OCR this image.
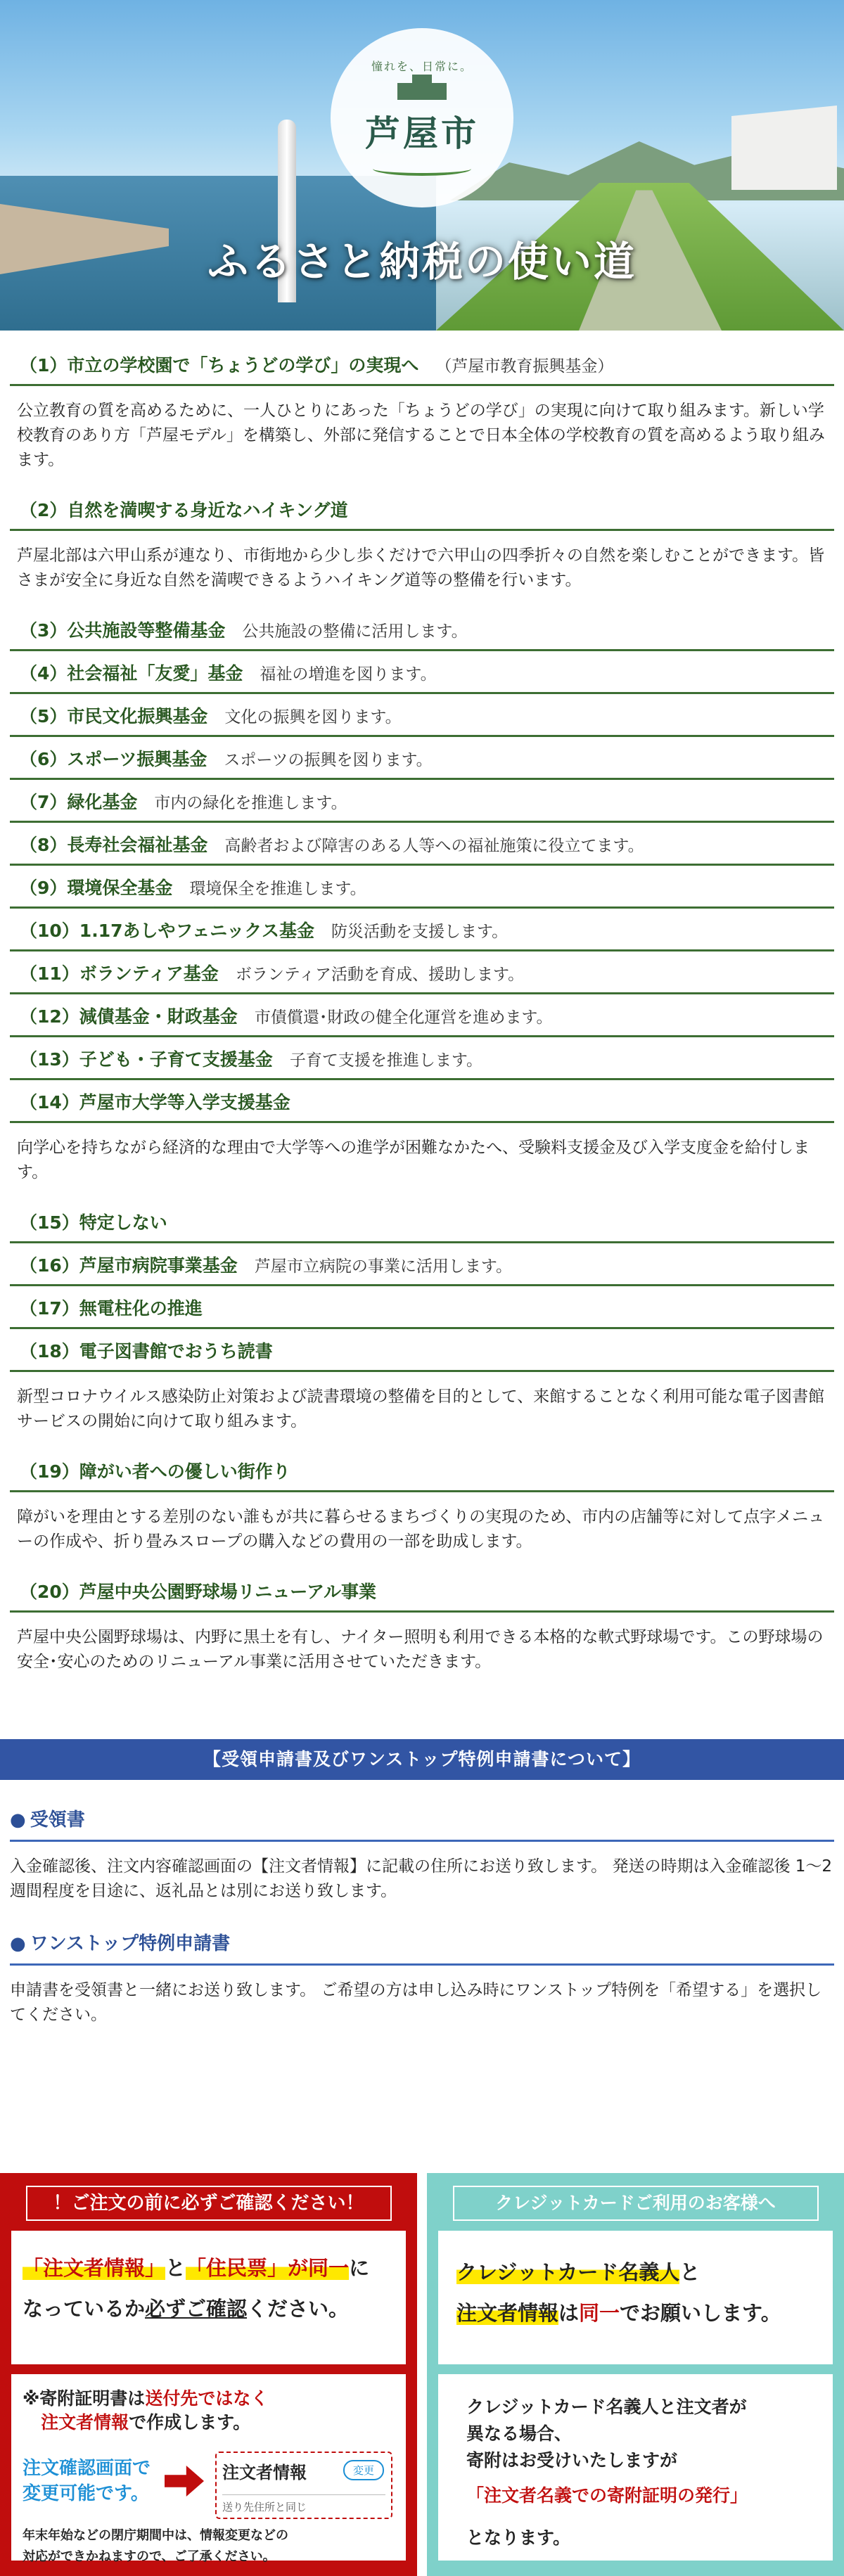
憧れを、日常に。
芦屋市
ふるさと納税の使い道
（1）市立の学校園で「ちょうどの学び」の実現へ （芦屋市教育振興基金）
公立教育の質を高めるために、一人ひとりにあった「ちょうどの学び」の実現に向けて取り組みます。新しい学校教育のあり方「芦屋モデル」を構築し、外部に発信することで日本全体の学校教育の質を高めるよう取り組みます。
（2）自然を満喫する身近なハイキング道
芦屋北部は六甲山系が連なり、市街地から少し歩くだけで六甲山の四季折々の自然を楽しむことができます。皆さまが安全に身近な自然を満喫できるようハイキング道等の整備を行います。
（3）公共施設等整備基金 公共施設の整備に活用します。
（4）社会福祉「友愛」基金 福祉の増進を図ります。
（5）市民文化振興基金 文化の振興を図ります。
（6）スポーツ振興基金 スポーツの振興を図ります。
（7）緑化基金 市内の緑化を推進します。
（8）長寿社会福祉基金 高齢者および障害のある人等への福祉施策に役立てます。
（9）環境保全基金 環境保全を推進します。
（10）1.17あしやフェニックス基金 防災活動を支援します。
（11）ボランティア基金 ボランティア活動を育成、援助します。
（12）減債基金・財政基金 市債償還･財政の健全化運営を進めます。
（13）子ども・子育て支援基金 子育て支援を推進します。
（14）芦屋市大学等入学支援基金
向学心を持ちながら経済的な理由で大学等への進学が困難なかたへ、受験料支援金及び入学支度金を給付します。
（15）特定しない
（16）芦屋市病院事業基金 芦屋市立病院の事業に活用します。
（17）無電柱化の推進
（18）電子図書館でおうち読書
新型コロナウイルス感染防止対策および読書環境の整備を目的として、来館することなく利用可能な電子図書館サービスの開始に向けて取り組みます。
（19）障がい者への優しい街作り
障がいを理由とする差別のない誰もが共に暮らせるまちづくりの実現のため、市内の店舗等に対して点字メニューの作成や、折り畳みスロープの購入などの費用の一部を助成します。
（20）芦屋中央公園野球場リニューアル事業
芦屋中央公園野球場は、内野に黒土を有し、ナイター照明も利用できる本格的な軟式野球場です。この野球場の安全･安心のためのリニューアル事業に活用させていただきます。
【受領申請書及びワンストップ特例申請書について】
● 受領書
入金確認後、注文内容確認画面の【注文者情報】に記載の住所にお送り致します。 発送の時期は入金確認後 1〜2週間程度を目途に、返礼品とは別にお送り致します。
● ワンストップ特例申請書
申請書を受領書と一緒にお送り致します。 ご希望の方は申し込み時にワンストップ特例を「希望する」を選択してください。
！ご注文の前に必ずご確認ください！
「注文者情報」と「住民票」が同一に
なっているか必ずご確認ください。
※寄附証明書は送付先ではなく
注文者情報で作成します。
注文確認画面で
変更可能です。
注文者情報	変更
送り先住所と同じ
年末年始などの閉庁期間中は、情報変更などの
対応ができかねますので、ご了承ください。
クレジットカードご利用のお客様へ
クレジットカード名義人と
注文者情報は同一でお願いします。
クレジットカード名義人と注文者が
異なる場合、
寄附はお受けいたしますが
「注文者名義での寄附証明の発行」
となります。
